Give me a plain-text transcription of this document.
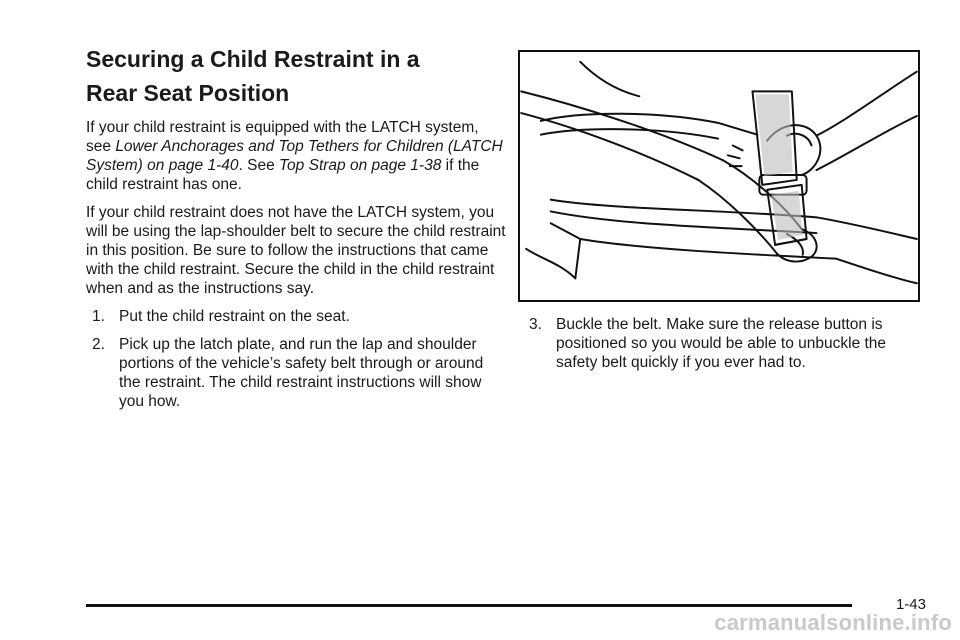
Securing a Child Restraint in a
Rear Seat Position

If your child restraint is equipped with the LATCH system, see Lower Anchorages and Top Tethers for Children (LATCH System) on page 1-40. See Top Strap on page 1-38 if the child restraint has one.

If your child restraint does not have the LATCH system, you will be using the lap-shoulder belt to secure the child restraint in this position. Be sure to follow the instructions that came with the child restraint. Secure the child in the child restraint when and as the instructions say.

1. Put the child restraint on the seat.
2. Pick up the latch plate, and run the lap and shoulder portions of the vehicle’s safety belt through or around the restraint. The child restraint instructions will show you how.
3. Buckle the belt. Make sure the release button is positioned so you would be able to unbuckle the safety belt quickly if you ever had to.
1-43
carmanualsonline.info
